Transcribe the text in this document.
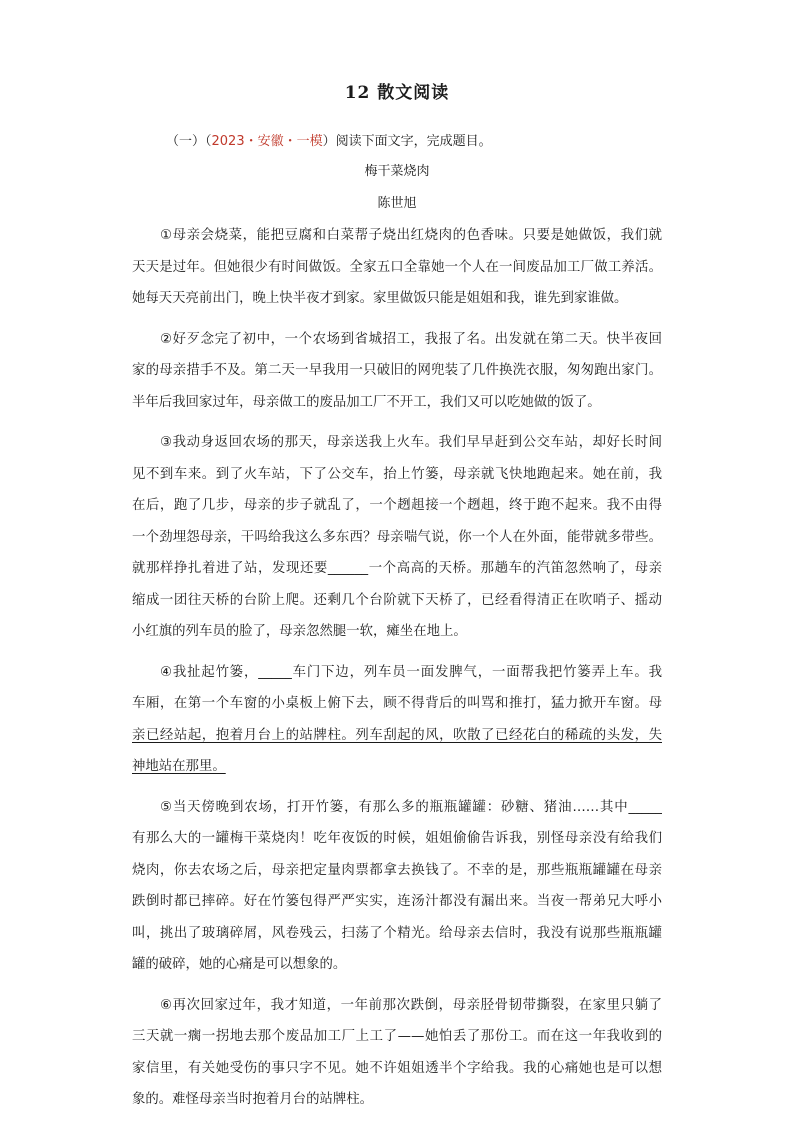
12 散文阅读
（一）（2023・安徽・一模）阅读下面文字，完成题目。
梅干菜烧肉
陈世旭
①母亲会烧菜，能把豆腐和白菜帮子烧出红烧肉的色香味。只要是她做饭，我们就
天天是过年。但她很少有时间做饭。全家五口全靠她一个人在一间废品加工厂做工养活。
她每天天亮前出门，晚上快半夜才到家。家里做饭只能是姐姐和我，谁先到家谁做。
②好歹念完了初中，一个农场到省城招工，我报了名。出发就在第二天。快半夜回
家的母亲措手不及。第二天一早我用一只破旧的网兜装了几件换洗衣服，匆匆跑出家门。
半年后我回家过年，母亲做工的废品加工厂不开工，我们又可以吃她做的饭了。
③我动身返回农场的那天，母亲送我上火车。我们早早赶到公交车站，却好长时间
见不到车来。到了火车站，下了公交车，抬上竹篓，母亲就飞快地跑起来。她在前，我
在后，跑了几步，母亲的步子就乱了，一个趔趄接一个趔趄，终于跑不起来。我不由得
一个劲埋怨母亲，干吗给我这么多东西？母亲喘气说，你一个人在外面，能带就多带些。
就那样挣扎着进了站，发现还要______一个高高的天桥。那趟车的汽笛忽然响了，母亲
缩成一团往天桥的台阶上爬。还剩几个台阶就下天桥了，已经看得清正在吹哨子、摇动
小红旗的列车员的脸了，母亲忽然腿一软，瘫坐在地上。
④我扯起竹篓，_____车门下边，列车员一面发脾气，一面帮我把竹篓弄上车。我
车厢，在第一个车窗的小桌板上俯下去，顾不得背后的叫骂和推打，猛力掀开车窗。母
亲已经站起，抱着月台上的站牌柱。列车刮起的风，吹散了已经花白的稀疏的头发，失
神地站在那里。
⑤当天傍晚到农场，打开竹篓，有那么多的瓶瓶罐罐：砂糖、猪油……其中_____
有那么大的一罐梅干菜烧肉！吃年夜饭的时候，姐姐偷偷告诉我，别怪母亲没有给我们
烧肉，你去农场之后，母亲把定量肉票都拿去换钱了。不幸的是，那些瓶瓶罐罐在母亲
跌倒时都已摔碎。好在竹篓包得严严实实，连汤汁都没有漏出来。当夜一帮弟兄大呼小
叫，挑出了玻璃碎屑，风卷残云，扫荡了个精光。给母亲去信时，我没有说那些瓶瓶罐
罐的破碎，她的心痛是可以想象的。
⑥再次回家过年，我才知道，一年前那次跌倒，母亲胫骨韧带撕裂，在家里只躺了
三天就一瘸一拐地去那个废品加工厂上工了——她怕丢了那份工。而在这一年我收到的
家信里，有关她受伤的事只字不见。她不许姐姐透半个字给我。我的心痛她也是可以想
象的。难怪母亲当时抱着月台的站牌柱。
